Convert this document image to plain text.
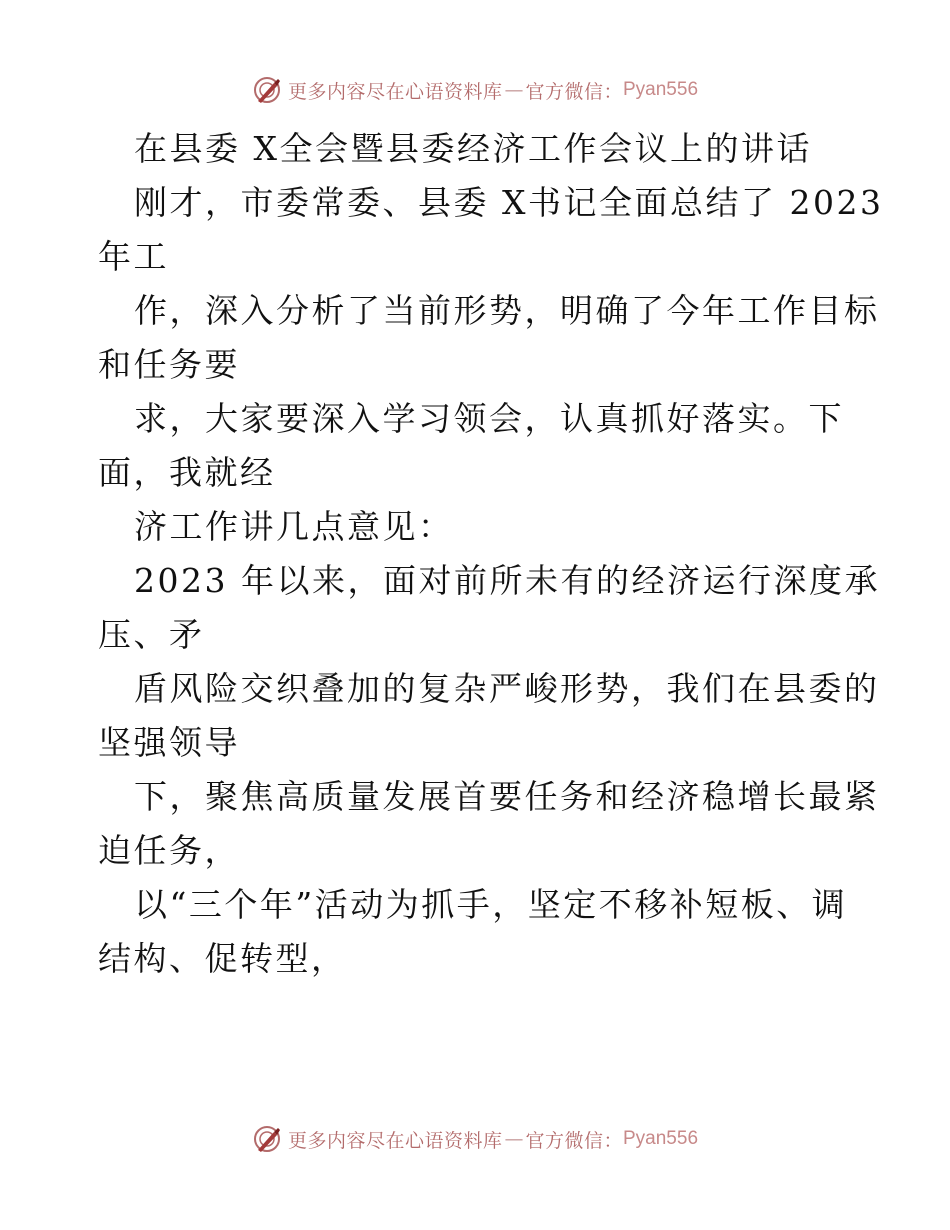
更多内容尽在心语资料库 — 官方微信： Pyan556
在县委 X全会暨县委经济工作会议上的讲话
刚才，市委常委、县委 X书记全面总结了 2023
年工
作，深入分析了当前形势，明确了今年工作目标
和任务要
求，大家要深入学习领会，认真抓好落实。下
面，我就经
济工作讲几点意见：
2023 年以来，面对前所未有的经济运行深度承
压、矛
盾风险交织叠加的复杂严峻形势，我们在县委的
坚强领导
下，聚焦高质量发展首要任务和经济稳增长最紧
迫任务，
以“三个年”活动为抓手，坚定不移补短板、调
结构、促转型，
更多内容尽在心语资料库 — 官方微信： Pyan556
